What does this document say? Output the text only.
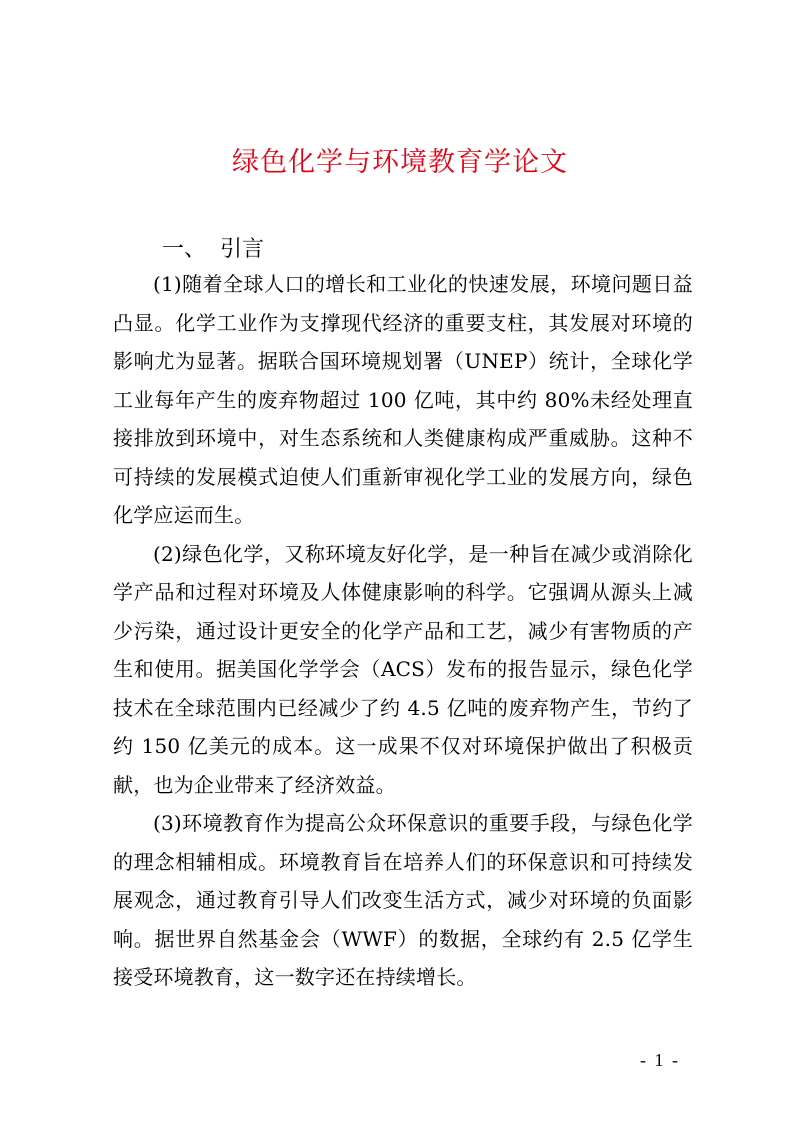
绿色化学与环境教育学论文
一、  引言

(1)随着全球人口的增长和工业化的快速发展，环境问题日益凸显。化学工业作为支撑现代经济的重要支柱，其发展对环境的影响尤为显著。据联合国环境规划署（UNEP）统计，全球化学工业每年产生的废弃物超过 100 亿吨，其中约 80%未经处理直接排放到环境中，对生态系统和人类健康构成严重威胁。这种不可持续的发展模式迫使人们重新审视化学工业的发展方向，绿色化学应运而生。

(2)绿色化学，又称环境友好化学，是一种旨在减少或消除化学产品和过程对环境及人体健康影响的科学。它强调从源头上减少污染，通过设计更安全的化学产品和工艺，减少有害物质的产生和使用。据美国化学学会（ACS）发布的报告显示，绿色化学技术在全球范围内已经减少了约 4.5 亿吨的废弃物产生，节约了约 150 亿美元的成本。这一成果不仅对环境保护做出了积极贡献，也为企业带来了经济效益。

(3)环境教育作为提高公众环保意识的重要手段，与绿色化学的理念相辅相成。环境教育旨在培养人们的环保意识和可持续发展观念，通过教育引导人们改变生活方式，减少对环境的负面影响。据世界自然基金会（WWF）的数据，全球约有 2.5 亿学生接受环境教育，这一数字还在持续增长。

- 1 -
